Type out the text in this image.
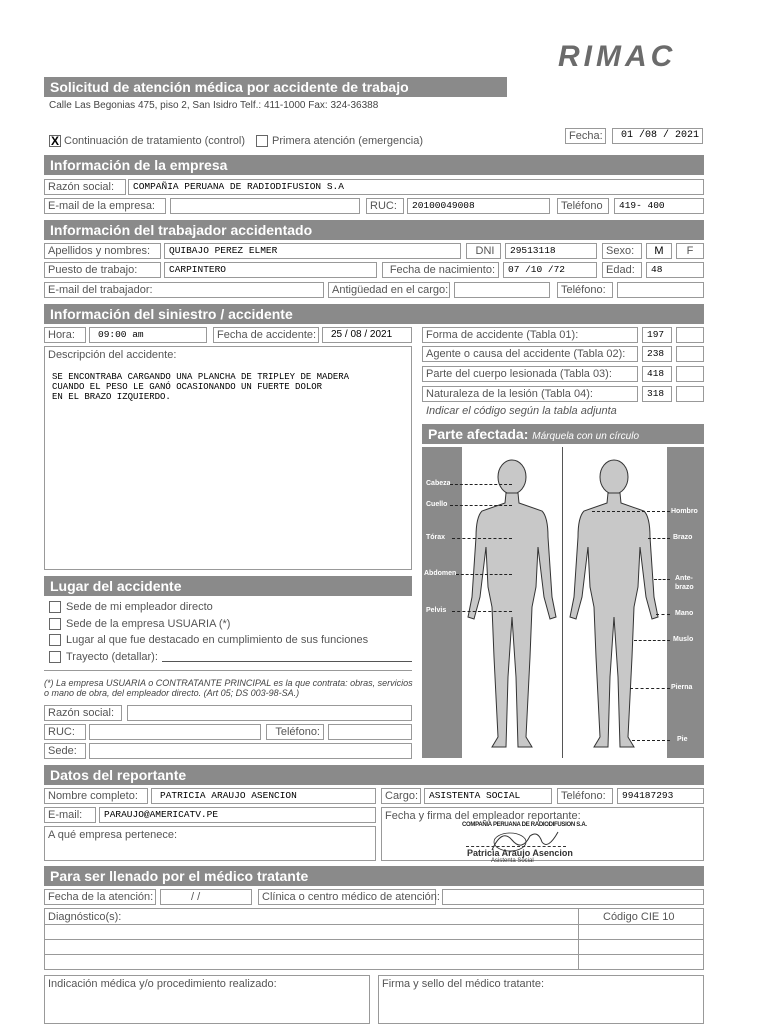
RIMAC
Solicitud de atención médica por accidente de trabajo
Calle Las Begonias 475, piso 2, San Isidro Telf.: 411-1000 Fax: 324-36388
X Continuación de tratamiento (control) Primera atención (emergencia)	Fecha:	01 /08 / 2021
Información de la empresa
Razón social:	COMPAÑIA PERUANA DE RADIODIFUSION S.A
E-mail de la empresa:	RUC:	20100049008	Teléfono	419- 400
Información del trabajador accidentado
Apellidos y nombres:	QUIBAJO PEREZ ELMER	DNI	29513118	Sexo:	M	F
Puesto de trabajo:	CARPINTERO	Fecha de nacimiento:	07 /10 /72	Edad:	48
E-mail del trabajador:	Antigüedad en el cargo:	Teléfono:
Información del siniestro / accidente
Hora:	09:00 am	Fecha de accidente:	25 / 08 / 2021
Descripción del accidente:
SE ENCONTRABA CARGANDO UNA PLANCHA DE TRIPLEY DE MADERA
CUANDO EL PESO LE GANÓ OCASIONANDO UN FUERTE DOLOR
EN EL BRAZO IZQUIERDO.
Forma de accidente (Tabla 01):	197
Agente o causa del accidente (Tabla 02):	238
Parte del cuerpo lesionada (Tabla 03):	418
Naturaleza de la lesión (Tabla 04):	318
Indicar el código según la tabla adjunta
Parte afectada: Márquela con un círculo
Cabeza
Cuello
Tórax
Abdomen
Pelvis
Hombro
Brazo
Ante-
brazo
Mano
Muslo
Pierna
Pie
Lugar del accidente
Sede de mi empleador directo
Sede de la empresa USUARIA (*)
Lugar al que fue destacado en cumplimiento de sus funciones
Trayecto (detallar):
(*) La empresa USUARIA o CONTRATANTE PRINCIPAL es la que contrata: obras, servicios o mano de obra, del empleador directo. (Art 05; DS 003-98-SA.)
Razón social:
RUC:	Teléfono:
Sede:
Datos del reportante
Nombre completo:	PATRICIA ARAUJO ASENCION	Cargo:	ASISTENTA SOCIAL	Teléfono:	994187293
E-mail:	PARAUJO@AMERICATV.PE
A qué empresa pertenece:
Fecha y firma del empleador reportante:
COMPAÑIA PERUANA DE RADIODIFUSION S.A.
Patricia Araujo Asencion
Asistenta Social
Para ser llenado por el médico tratante
Fecha de la atención:	/ /	Clínica o centro médico de atención:
Diagnóstico(s):	Código CIE 10
Indicación médica y/o procedimiento realizado:	Firma y sello del médico tratante:
